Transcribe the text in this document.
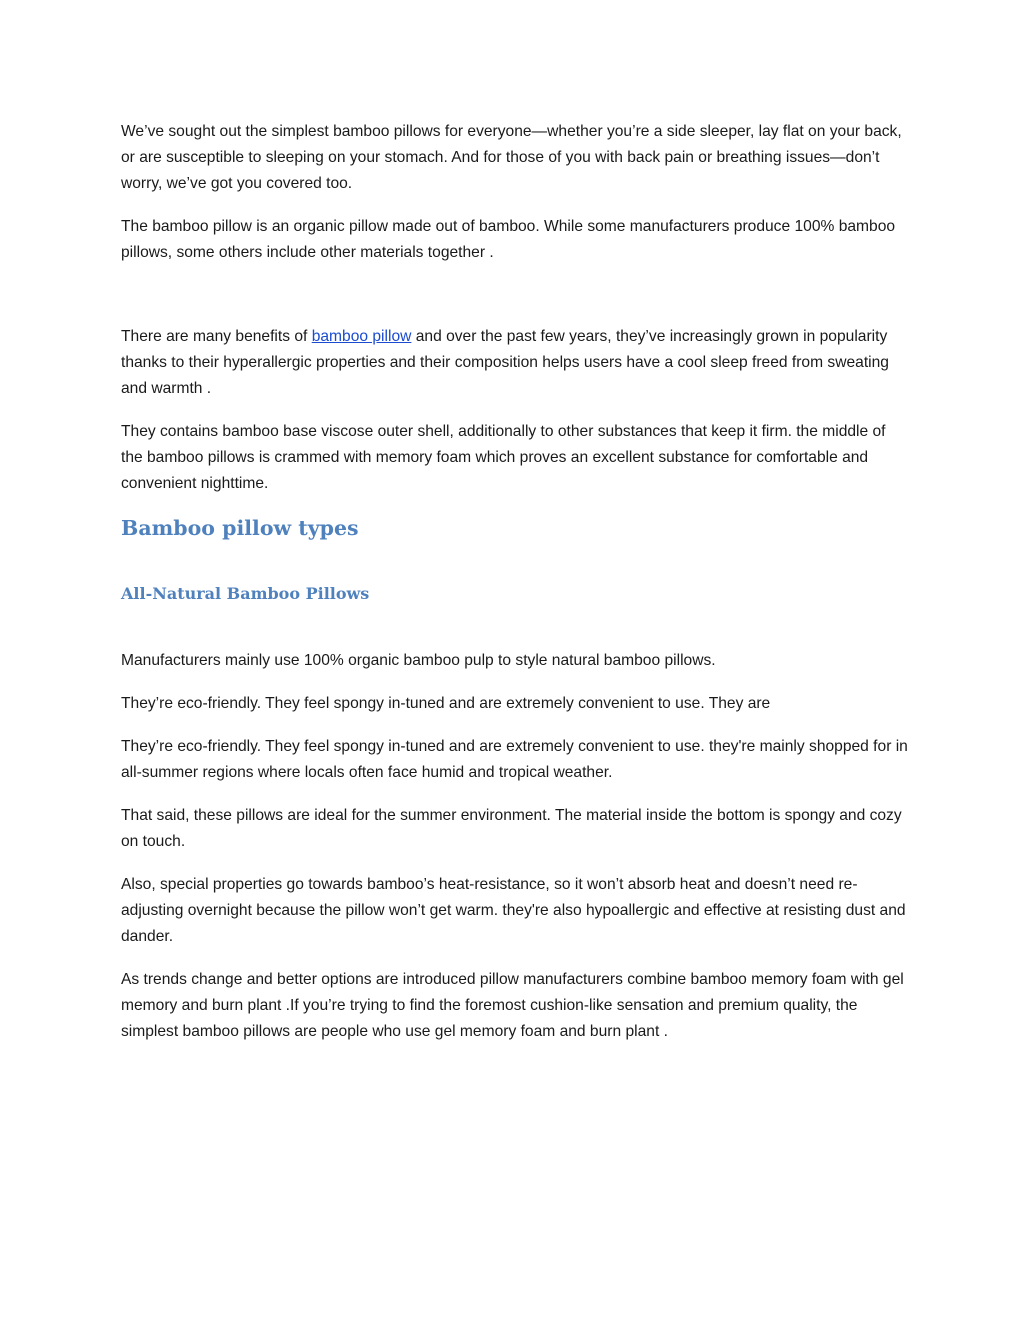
We’ve sought out the simplest bamboo pillows for everyone—whether you’re a side sleeper, lay flat on your back, or are susceptible to sleeping on your stomach. And for those of you with back pain or breathing issues—don’t worry, we’ve got you covered too.

The bamboo pillow is an organic pillow made out of bamboo. While some manufacturers produce 100% bamboo pillows, some others include other materials together .

There are many benefits of bamboo pillow and over the past few years, they’ve increasingly grown in popularity thanks to their hyperallergic properties and their composition helps users have a cool sleep freed from sweating and warmth .

They contains bamboo base viscose outer shell, additionally to other substances that keep it firm. the middle of the bamboo pillows is crammed with memory foam which proves an excellent substance for comfortable and convenient nighttime.

Bamboo pillow types
All-Natural Bamboo Pillows

Manufacturers mainly use 100% organic bamboo pulp to style natural bamboo pillows.

They’re eco-friendly. They feel spongy in-tuned and are extremely convenient to use. They are

They’re eco-friendly. They feel spongy in-tuned and are extremely convenient to use. they're mainly shopped for in all-summer regions where locals often face humid and tropical weather.

That said, these pillows are ideal for the summer environment. The material inside the bottom is spongy and cozy on touch.

Also, special properties go towards bamboo’s heat-resistance, so it won’t absorb heat and doesn’t need re-adjusting overnight because the pillow won’t get warm. they're also hypoallergic and effective at resisting dust and dander.

As trends change and better options are introduced pillow manufacturers combine bamboo memory foam with gel memory and burn plant .If you’re trying to find the foremost cushion-like sensation and premium quality, the simplest bamboo pillows are people who use gel memory foam and burn plant .
